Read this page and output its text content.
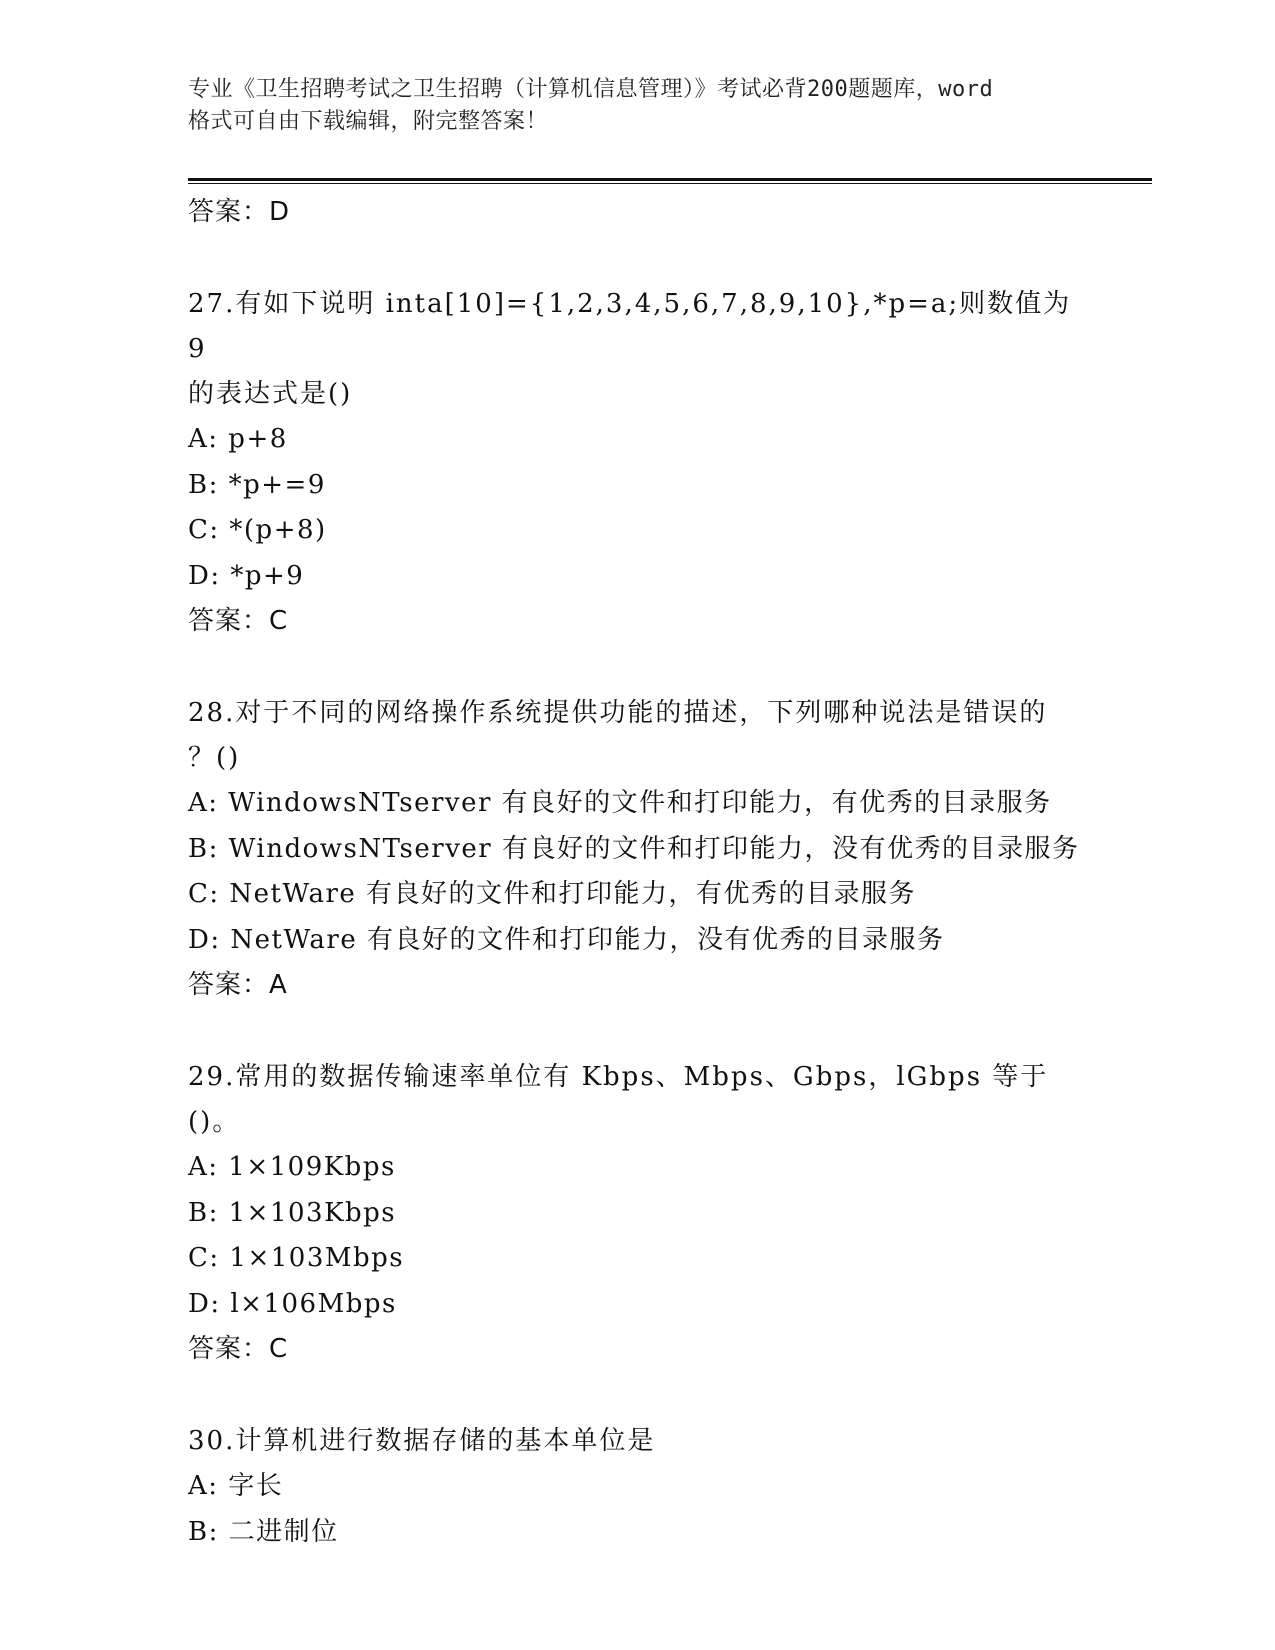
专业《卫生招聘考试之卫生招聘（计算机信息管理）》考试必背200题题库，word
格式可自由下载编辑，附完整答案！
答案：D
27.有如下说明 inta[10]={1,2,3,4,5,6,7,8,9,10},*p=a;则数值为 9
的表达式是()
A: p+8
B: *p+=9
C: *(p+8)
D: *p+9
答案：C
28.对于不同的网络操作系统提供功能的描述，下列哪种说法是错误的
？()
A: WindowsNTserver 有良好的文件和打印能力，有优秀的目录服务
B: WindowsNTserver 有良好的文件和打印能力，没有优秀的目录服务
C: NetWare 有良好的文件和打印能力，有优秀的目录服务
D: NetWare 有良好的文件和打印能力，没有优秀的目录服务
答案：A
29.常用的数据传输速率单位有 Kbps、Mbps、Gbps，lGbps 等于()。
A: 1×109Kbps
B: 1×103Kbps
C: 1×103Mbps
D: l×106Mbps
答案：C
30.计算机进行数据存储的基本单位是
A: 字长
B: 二进制位
